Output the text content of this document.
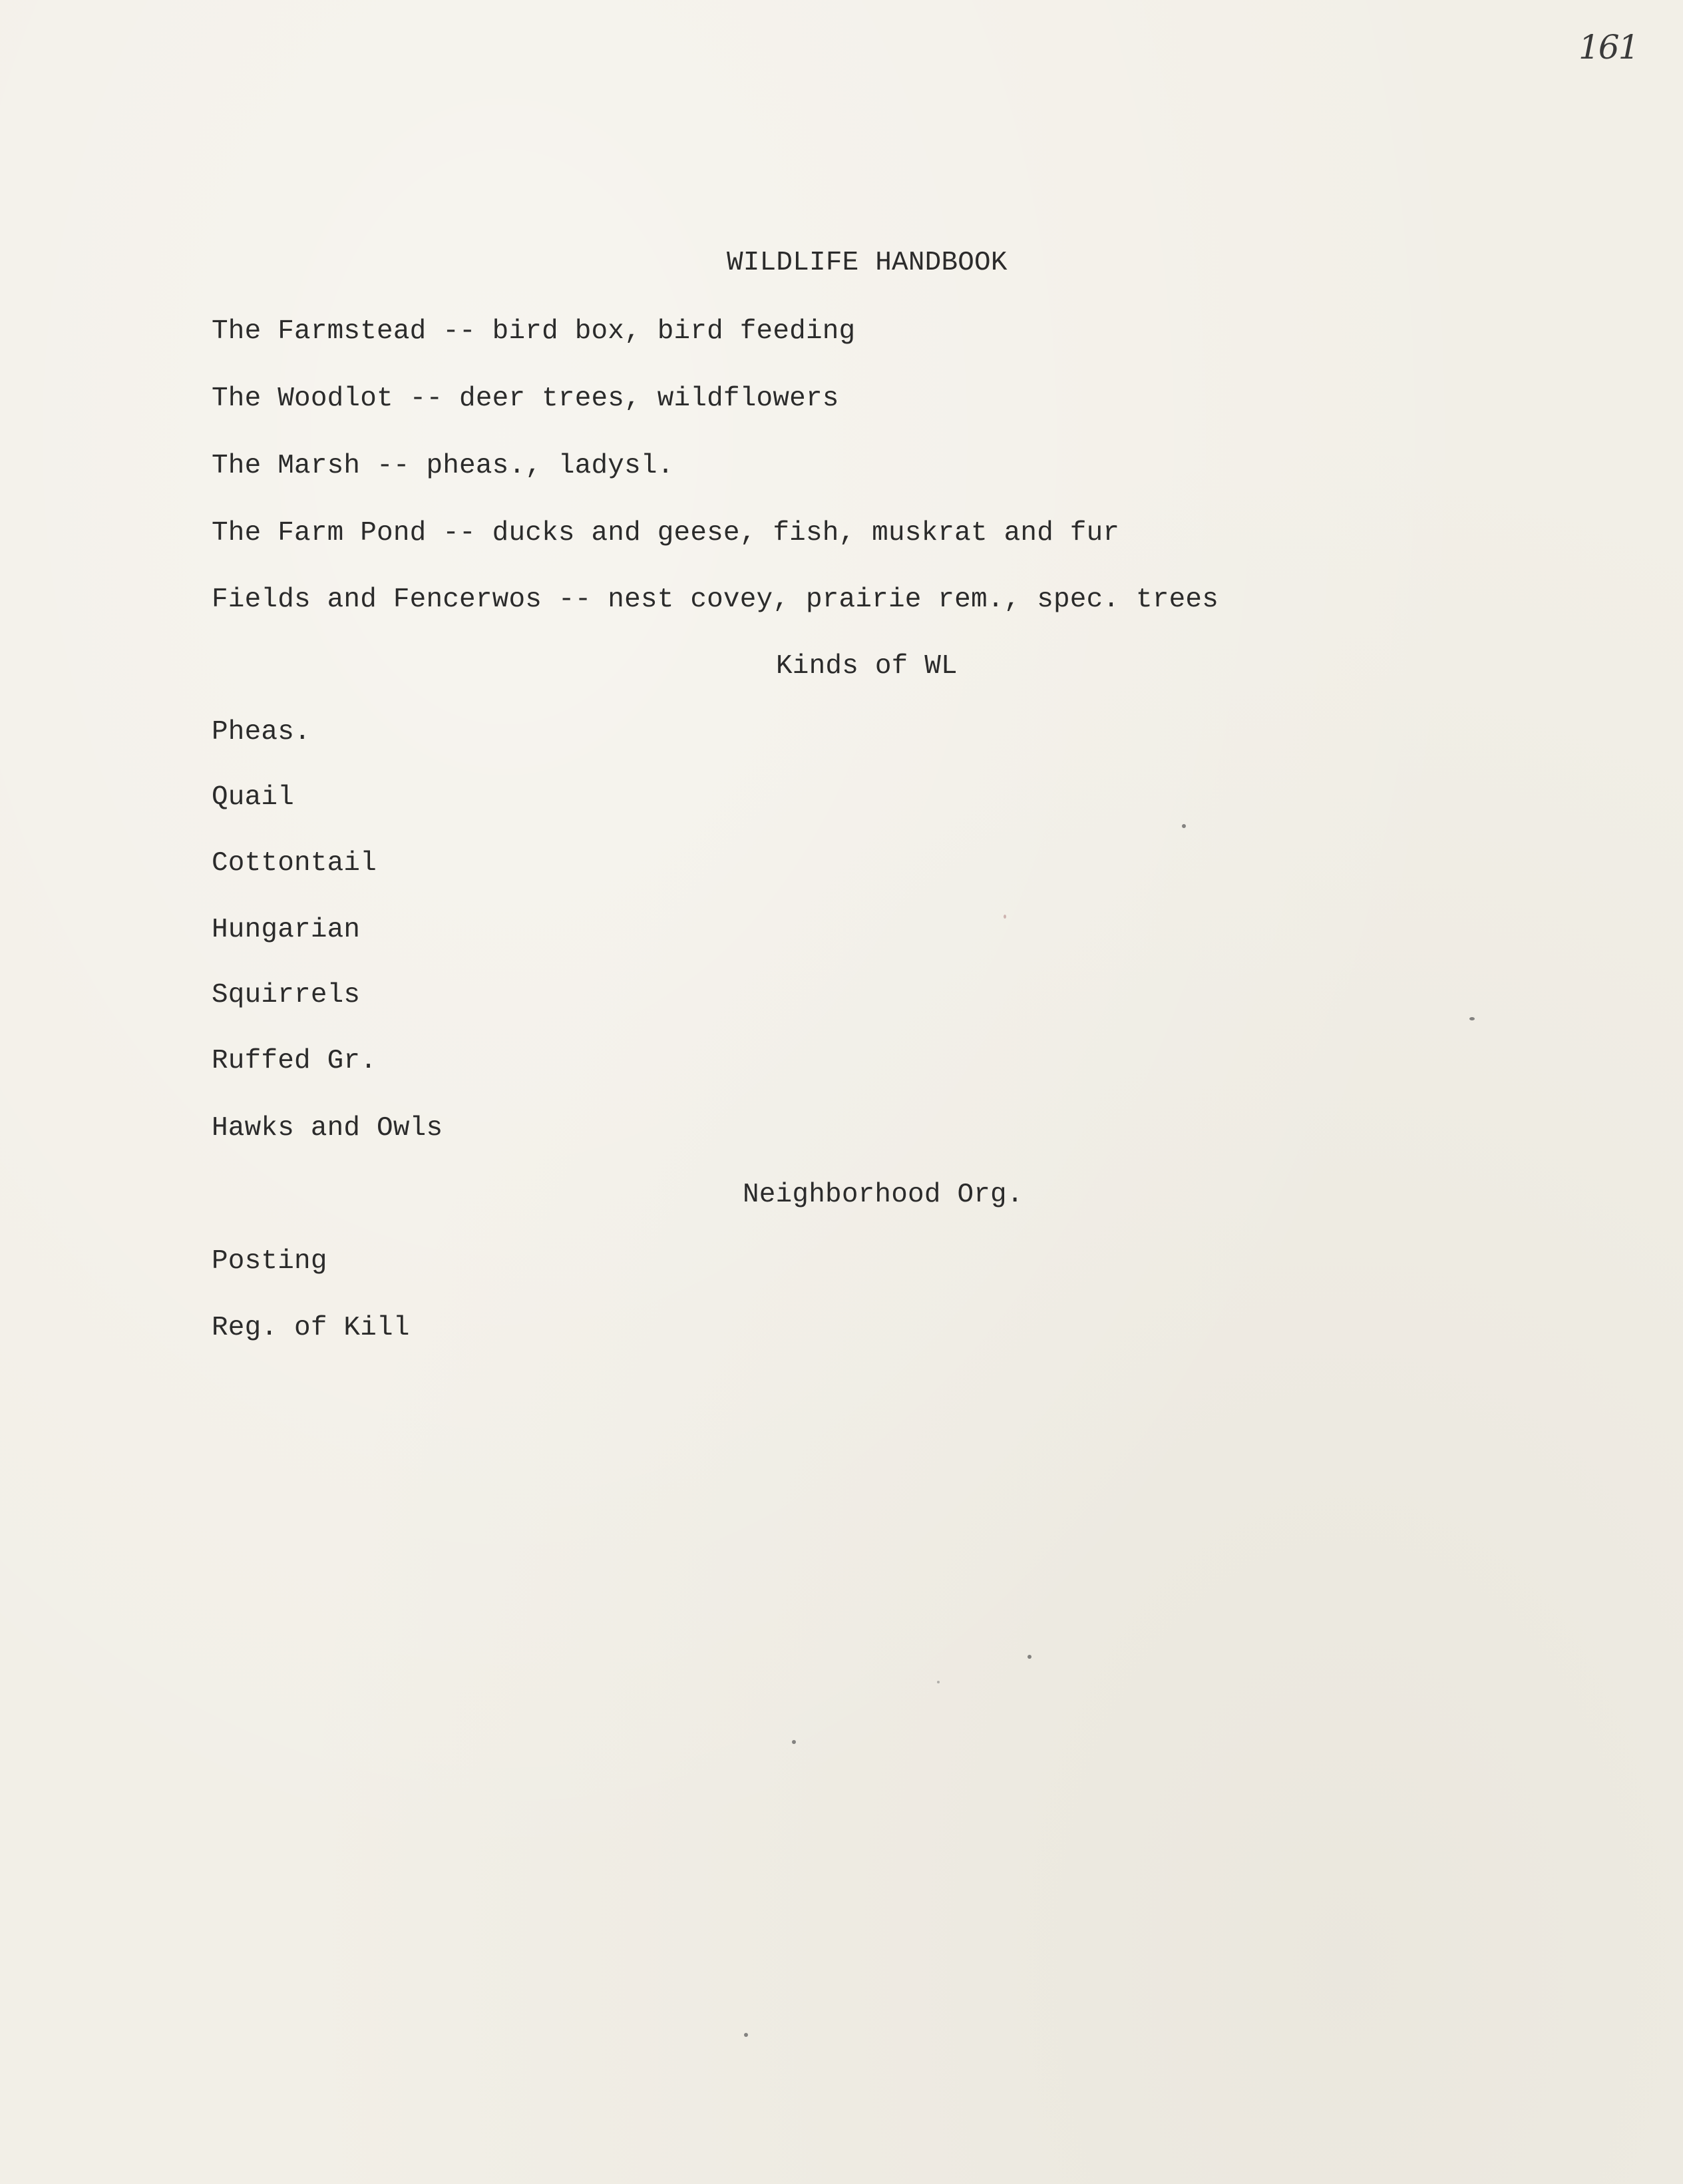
161
WILDLIFE HANDBOOK
The Farmstead -- bird box, bird feeding
The Woodlot -- deer trees, wildflowers
The Marsh -- pheas., ladysl.
The Farm Pond -- ducks and geese, fish, muskrat and fur
Fields and Fencerwos -- nest covey, prairie rem., spec. trees
Kinds of WL
Pheas.
Quail
Cottontail
Hungarian
Squirrels
Ruffed Gr.
Hawks and Owls
Neighborhood Org.
Posting
Reg. of Kill
